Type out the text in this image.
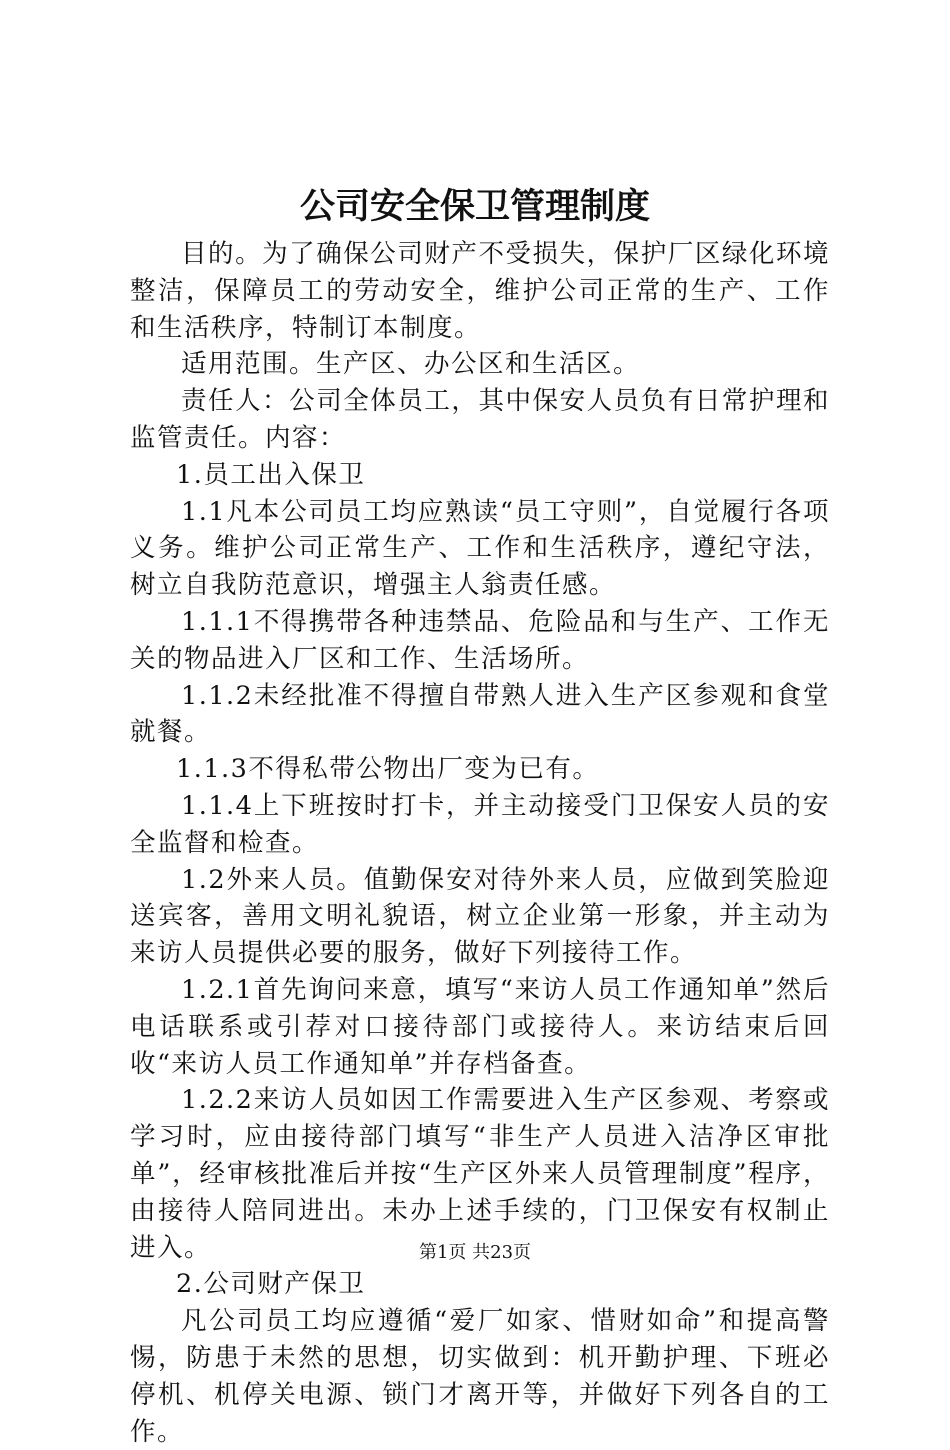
公司安全保卫管理制度

目的。为了确保公司财产不受损失，保护厂区绿化环境整洁，保障员工的劳动安全，维护公司正常的生产、工作和生活秩序，特制订本制度。

适用范围。生产区、办公区和生活区。

责任人：公司全体员工，其中保安人员负有日常护理和监管责任。内容：

1.员工出入保卫

1.1凡本公司员工均应熟读“员工守则”，自觉履行各项义务。维护公司正常生产、工作和生活秩序，遵纪守法，树立自我防范意识，增强主人翁责任感。

1.1.1不得携带各种违禁品、危险品和与生产、工作无关的物品进入厂区和工作、生活场所。

1.1.2未经批准不得擅自带熟人进入生产区参观和食堂就餐。

1.1.3不得私带公物出厂变为已有。

1.1.4上下班按时打卡，并主动接受门卫保安人员的安全监督和检查。

1.2外来人员。值勤保安对待外来人员，应做到笑脸迎送宾客，善用文明礼貌语，树立企业第一形象，并主动为来访人员提供必要的服务，做好下列接待工作。

1.2.1首先询问来意，填写“来访人员工作通知单”然后电话联系或引荐对口接待部门或接待人。来访结束后回收“来访人员工作通知单”并存档备查。

1.2.2来访人员如因工作需要进入生产区参观、考察或学习时，应由接待部门填写“非生产人员进入洁净区审批单”，经审核批准后并按“生产区外来人员管理制度”程序，由接待人陪同进出。未办上述手续的，门卫保安有权制止进入。

2.公司财产保卫

凡公司员工均应遵循“爱厂如家、惜财如命”和提高警惕，防患于未然的思想，切实做到：机开勤护理、下班必停机、机停关电源、锁门才离开等，并做好下列各自的工作。

第1页 共23页
